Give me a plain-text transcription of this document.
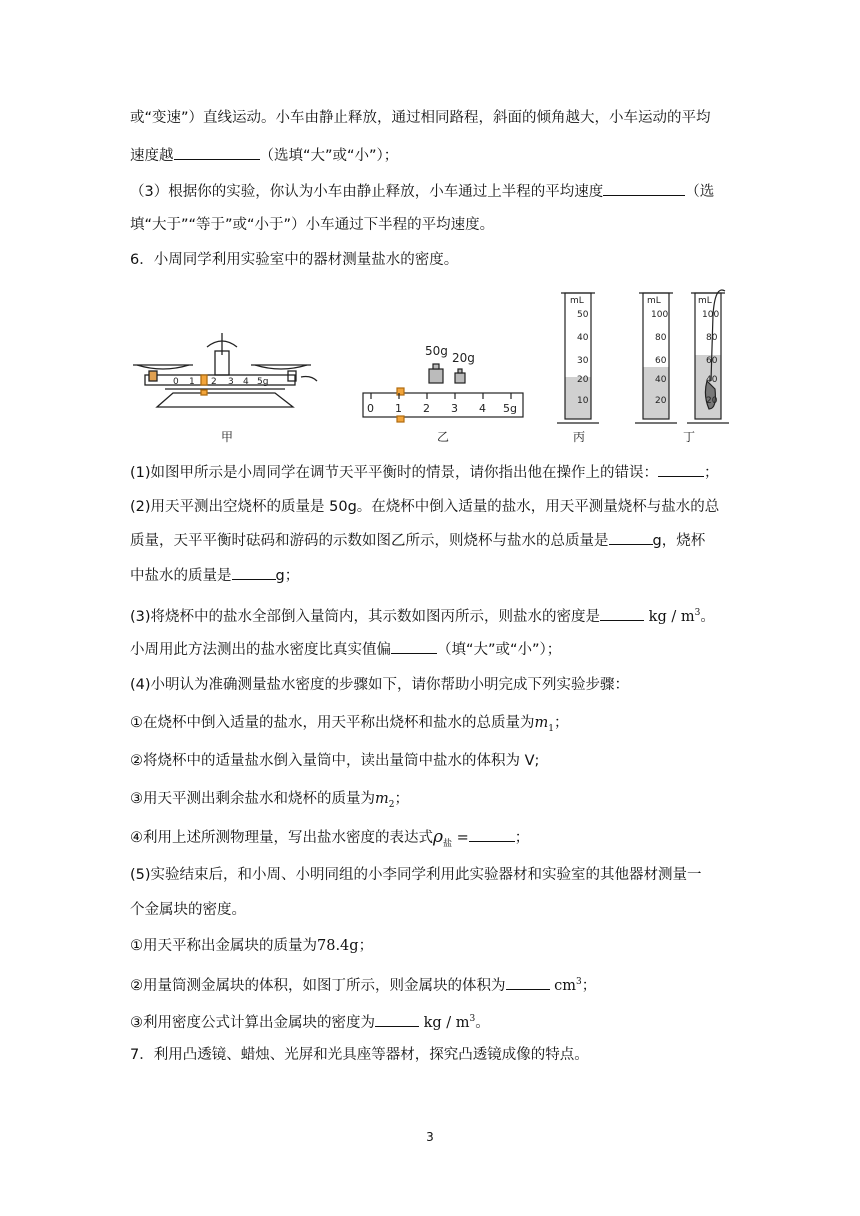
或“变速”）直线运动。小车由静止释放，通过相同路程，斜面的倾角越大，小车运动的平均
速度越	（选填“大”或“小”）；
（3）根据你的实验，你认为小车由静止释放，小车通过上半程的平均速度	（选
填“大于”“等于”或“小于”）小车通过下半程的平均速度。
6．小周同学利用实验室中的器材测量盐水的密度。
0 1 2 3 4 5g
甲
50g 20g
0 1 2 3 4 5g
乙
mL
50
40
30
20
10
丙
mL
100
80
60
40
20
mL
100
80
60
40
20
丁
(1)如图甲所示是小周同学在调节天平平衡时的情景，请你指出他在操作上的错误：	；
(2)用天平测出空烧杯的质量是 50g。在烧杯中倒入适量的盐水，用天平测量烧杯与盐水的总
质量，天平平衡时砝码和游码的示数如图乙所示，则烧杯与盐水的总质量是	g，烧杯
中盐水的质量是	g；
(3)将烧杯中的盐水全部倒入量筒内，其示数如图丙所示，则盐水的密度是	kg / $m^3$。
小周用此方法测出的盐水密度比真实值偏	（填“大”或“小”）；
(4)小明认为准确测量盐水密度的步骤如下，请你帮助小明完成下列实验步骤：
①在烧杯中倒入适量的盐水，用天平称出烧杯和盐水的总质量为$m_1$；
②将烧杯中的适量盐水倒入量筒中，读出量筒中盐水的体积为 V;
③用天平测出剩余盐水和烧杯的质量为$m_2$；
④利用上述所测物理量，写出盐水密度的表达式$\rho_盐$ =	；
(5)实验结束后，和小周、小明同组的小李同学利用此实验器材和实验室的其他器材测量一
个金属块的密度。
①用天平称出金属块的质量为78.4g；
②用量筒测金属块的体积，如图丁所示，则金属块的体积为	$cm^3$；
③利用密度公式计算出金属块的密度为	kg / $m^3$。
7．利用凸透镜、蜡烛、光屏和光具座等器材，探究凸透镜成像的特点。
3
